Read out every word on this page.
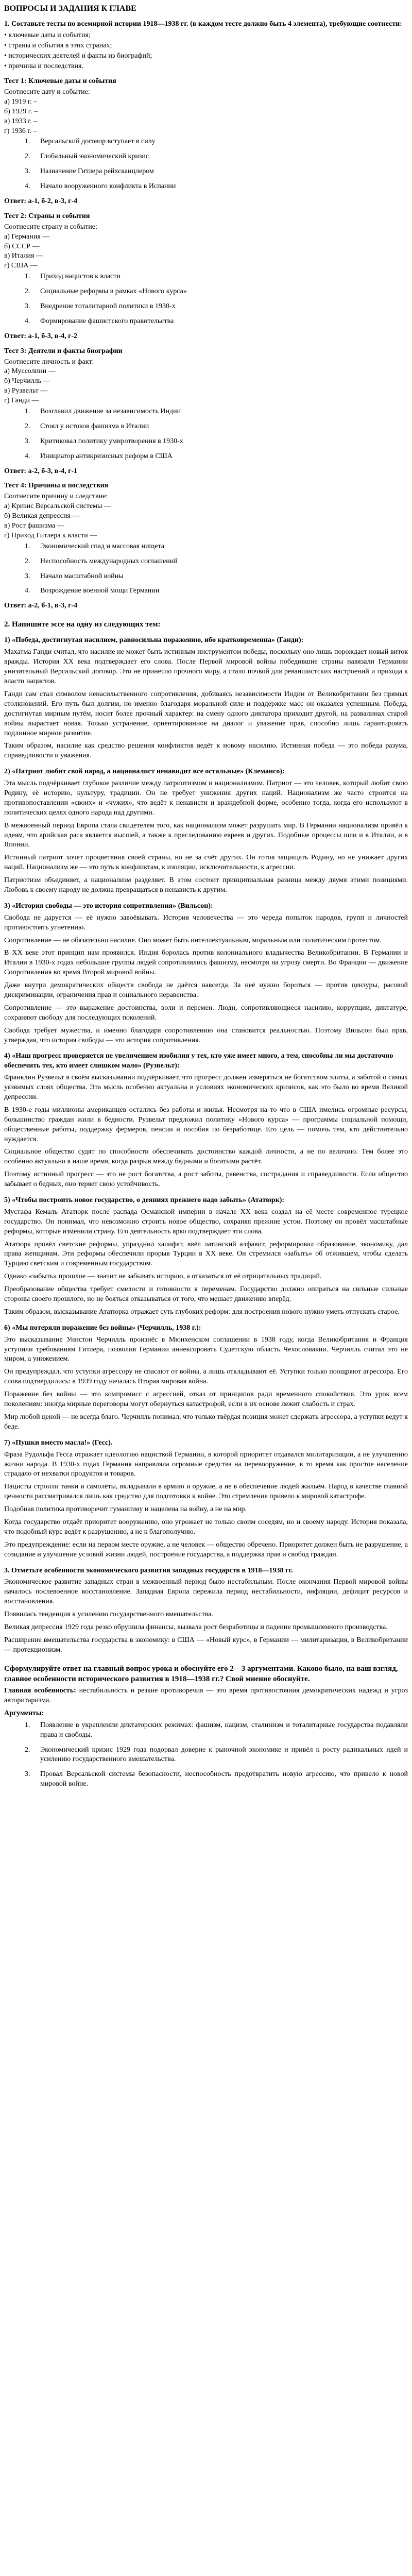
ВОПРОСЫ И ЗАДАНИЯ К ГЛАВЕ
1. Составьте тесты по всемирной истории 1918—1938 гг. (в каждом тесте должно быть 4 элемента), требующие соотнести:
• ключевые даты и события;
• страны и события в этих странах;
• исторических деятелей и факты из биографий;
• причины и последствия.
Тест 1: Ключевые даты и события

Соотнесите дату и событие:

а) 1919 г. –

б) 1929 г. –

в) 1933 г. –

г) 1936 г. –

1. Версальский договор вступает в силу
2. Глобальный экономический кризис
3. Назначение Гитлера рейхсканцлером
4. Начало вооруженного конфликта в Испании
Ответ: а-1, б-2, в-3, г-4
Тест 2: Страны и события

Соотнесите страну и событие:

а) Германия —

б) СССР —

в) Италия —

г) США —

1. Приход нацистов к власти
2. Социальные реформы в рамках «Нового курса»
3. Внедрение тоталитарной политики в 1930-х
4. Формирование фашистского правительства
Ответ: а-1, б-3, в-4, г-2
Тест 3: Деятели и факты биографии

Соотнесите личность и факт:

а) Муссолини —

б) Черчилль —

в) Рузвельт —

г) Ганди —

1. Возглавил движение за независимость Индии
2. Стоял у истоков фашизма в Италии
3. Критиковал политику умиротворения в 1930-х
4. Инициатор антикризисных реформ в США
Ответ: а-2, б-3, в-4, г-1
Тест 4: Причины и последствия

Соотнесите причину и следствие:

а) Кризис Версальской системы —

б) Великая депрессия —

в) Рост фашизма —

г) Приход Гитлера к власти —

1. Экономический спад и массовая нищета
2. Неспособность международных соглашений
3. Начало масштабной войны
4. Возрождение военной мощи Германии
Ответ: а-2, б-1, в-3, г-4
2. Напишите эссе на одну из следующих тем:
1) «Победа, достигнутая насилием, равносильна поражению, ибо кратковременна» (Ганди):

Махатма Ганди считал, что насилие не может быть истинным инструментом победы, поскольку оно лишь порождает новый виток вражды. История XX века подтверждает его слова. После Первой мировой войны победившие страны навязали Германии унизительный Версальский договор. Это не принесло прочного миру, а стало почвой для реваншистских настроений и прихода к власти нацистов.

Ганди сам стал символом ненасильственного сопротивления, добиваясь независимости Индии от Великобритании без прямых столкновений. Его путь был долгим, но именно благодаря моральной силе и поддержке масс он оказался успешным. Победа, достигнутая мирным путём, носит более прочный характер: на смену одного диктатора приходит другой, на развалинах старой войны вырастает новая. Только устранение, ориентированное на диалог и уважение прав, способно лишь гарантировать подлинное мирное развитие.

Таким образом, насилие как средство решения конфликтов ведёт к новому насилию. Истинная победа — это победа разума, справедливости и уважения.

2) «Патриот любит свой народ, а националист ненавидит все остальные» (Клемансо):

Эта мысль подчёркивает глубокое различие между патриотизмом и национализмом. Патриот — это человек, который любит свою Родину, её историю, культуру, традиции. Он не требует унижения других наций. Национализм же часто строится на противопоставлении «своих» и «чужих», что ведёт к ненависти и враждебной форме, особенно тогда, когда его используют в политических целях одного народа над другими.

В межвоенный период Европа стала свидетелем того, как национализм может разрушать мир. В Германии национализм привёл к идеям, что арийская раса является высшей, а также к преследованию евреев и других. Подобные процессы шли и в Италии, и в Японии.

Истинный патриот хочет процветания своей страны, но не за счёт других. Он готов защищать Родину, но не унижает других наций. Национализм же — это путь к конфликтам, к изоляции, исключительности, к агрессии.

Патриотизм объединяет, а национализм разделяет. В этом состоит принципиальная разница между двумя этими позициями. Любовь к своему народу не должна превращаться в ненависть к другим.

3) «История свободы — это история сопротивления» (Вильсон):

Свобода не даруется — её нужно завоёвывать. История человечества — это череда попыток народов, групп и личностей противостоять угнетению.

Сопротивление — не обязательно насилие. Оно может быть интеллектуальным, моральным или политическим протестом.

В XX веке этот принцип нам проявился. Индия боролась против колониального владычества Великобритании. В Германии и Италии в 1930-х годах небольшие группы людей сопротивлялись фашизму, несмотря на угрозу смерти. Во Франции — движение Сопротивления во время Второй мировой войны.

Даже внутри демократических обществ свобода не даётся навсегда. За неё нужно бороться — против цензуры, расовой дискриминации, ограничения прав и социального неравенства.

Сопротивление — это выражение достоинства, воли и перемен. Люди, сопротивляющиеся насилию, коррупции, диктатуре, сохраняют свободу для последующих поколений.

Свобода требует мужества, и именно благодаря сопротивлению она становится реальностью. Поэтому Вильсон был прав, утверждая, что история свободы — это история сопротивления.

4) «Наш прогресс проверяется не увеличением изобилия у тех, кто уже имеет много, а тем, способны ли мы достаточно обеспечить тех, кто имеет слишком мало» (Рузвельт):

Франклин Рузвельт в своём высказывании подчёркивает, что прогресс должен измеряться не богатством элиты, а заботой о самых уязвимых слоях общества. Эта мысль особенно актуальна в условиях экономических кризисов, как это было во время Великой депрессии.

В 1930-е годы миллионы американцев остались без работы и жилья. Несмотря на то что в США имелись огромные ресурсы, большинство граждан жили в бедности. Рузвельт предложил политику «Нового курса» — программы социальной помощи, общественные работы, поддержку фермеров, пенсии и пособия по безработице. Его цель — помочь тем, кто действительно нуждается.

Социальное общество судят по способности обеспечивать достоинство каждой личности, а не по величию. Тем более это особенно актуально в наше время, когда разрыв между бедными и богатыми растёт.

Поэтому истинный прогресс — это не рост богатства, а рост заботы, равенства, сострадания и справедливости. Если общество забывает о бедных, оно теряет свою устойчивость.

5) «Чтобы построить новое государство, о деяниях прежнего надо забыть» (Ататюрк):

Мустафа Кемаль Ататюрк после распада Османской империи в начале XX века создал на её месте современное турецкое государство. Он понимал, что невозможно строить новое общество, сохраняя прежние устои. Поэтому он провёл масштабные реформы, которые изменили страну. Его деятельность ярко подтверждает эти слова.

Ататюрк провёл светские реформы, упразднил халифат, ввёл латинский алфавит, реформировал образование, экономику, дал права женщинам. Эти реформы обеспечили прорыв Турции в XX веке. Он стремился «забыть» об отжившем, чтобы сделать Турцию светским и современным государством.

Однако «забыть» прошлое — значит не забывать историю, а отказаться от её отрицательных традиций.

Преобразование общества требует смелости и готовности к переменам. Государство должно опираться на сильные сильные стороны своего прошлого, но не бояться отказываться от того, что мешает движению вперёд.

Таким образом, высказывание Ататюрка отражает суть глубоких реформ: для построения нового нужно уметь отпускать старое.

6) «Мы потеряли поражение без войны» (Черчилль, 1938 г.):

Это высказывание Уинстон Черчилль произнёс в Мюнхенском соглашении в 1938 году, когда Великобритания и Франция уступили требованиям Гитлера, позволив Германии аннексировать Судетскую область Чехословакии. Черчилль считал это не миром, а унижением.

Он предупреждал, что уступки агрессору не спасают от войны, а лишь откладывают её. Уступки только поощряют агрессора. Его слова подтвердились: в 1939 году началась Вторая мировая война.

Поражение без войны — это компромисс с агрессией, отказ от принципов ради временного спокойствия. Это урок всем поколениям: иногда мирные переговоры могут обернуться катастрофой, если в их основе лежит слабость и страх.

Мир любой ценой — не всегда благо. Черчилль понимал, что только твёрдая позиция может сдержать агрессора, а уступки ведут к беде.

7) «Пушки вместо масла!» (Гесс).

Фраза Рудольфа Гесса отражает идеологию нацисткой Германии, в которой приоритет отдавался милитаризации, а не улучшению жизни народа. В 1930-х годах Германия направляла огромные средства на перевооружение, в то время как простое население страдало от нехватки продуктов и товаров.

Нацисты строили танки и самолёты, вкладывали в армию и оружие, а не в обеспечение людей жильём. Народ в качестве главной ценности рассматривался лишь как средство для подготовки к войне. Это стремление привело к мировой катастрофе.

Подобная политика противоречит гуманизму и нацелена на войну, а не на мир.

Когда государство отдаёт приоритет вооружению, оно угрожает не только своим соседям, но и своему народу. История показала, что подобный курс ведёт к разрушению, а не к благополучию.

Это предупреждение: если на первом месте оружие, а не человек — общество обречено. Приоритет должен быть не разрушение, а созидание и улучшение условий жизни людей, построение государства, а поддержка прав и свобод граждан.

3. Отметьте особенности экономического развития западных государств в 1918—1938 гг.

Экономическое развитие западных стран в межвоенный период было нестабильным. После окончания Первой мировой войны началось послевоенное восстановление. Западная Европа пережила период нестабильности, инфляции, дефицит ресурсов и восстановления.

Появилась тенденция к усилению государственного вмешательства.

Великая депрессия 1929 года резко обрушила финансы, вызвала рост безработицы и падение промышленного производства.

Расширение вмешательства государства в экономику: в США — «Новый курс», в Германии — милитаризация, в Великобритании — протекционизм.

Сформулируйте ответ на главный вопрос урока и обоснуйте его 2—3 аргументами. Каково было, на ваш взгляд, главное особенности исторического развития в 1918—1938 гг.? Свой мнение обоснуйте.

Главная особенность: нестабильность и резкие противоречия — это время противостояния демократических надежд и угроз авторитаризма.

Аргументы:
1. Появление в укреплении диктаторских режимах: фашизм, нацизм, сталинизм и тоталитарные государства подавляли права и свободы.
2. Экономический кризис 1929 года подорвал доверие к рыночной экономике и привёл к росту радикальных идей и усилению государственного вмешательства.
3. Провал Версальской системы безопасности, неспособность предотвратить новую агрессию, что привело к новой мировой войне.
